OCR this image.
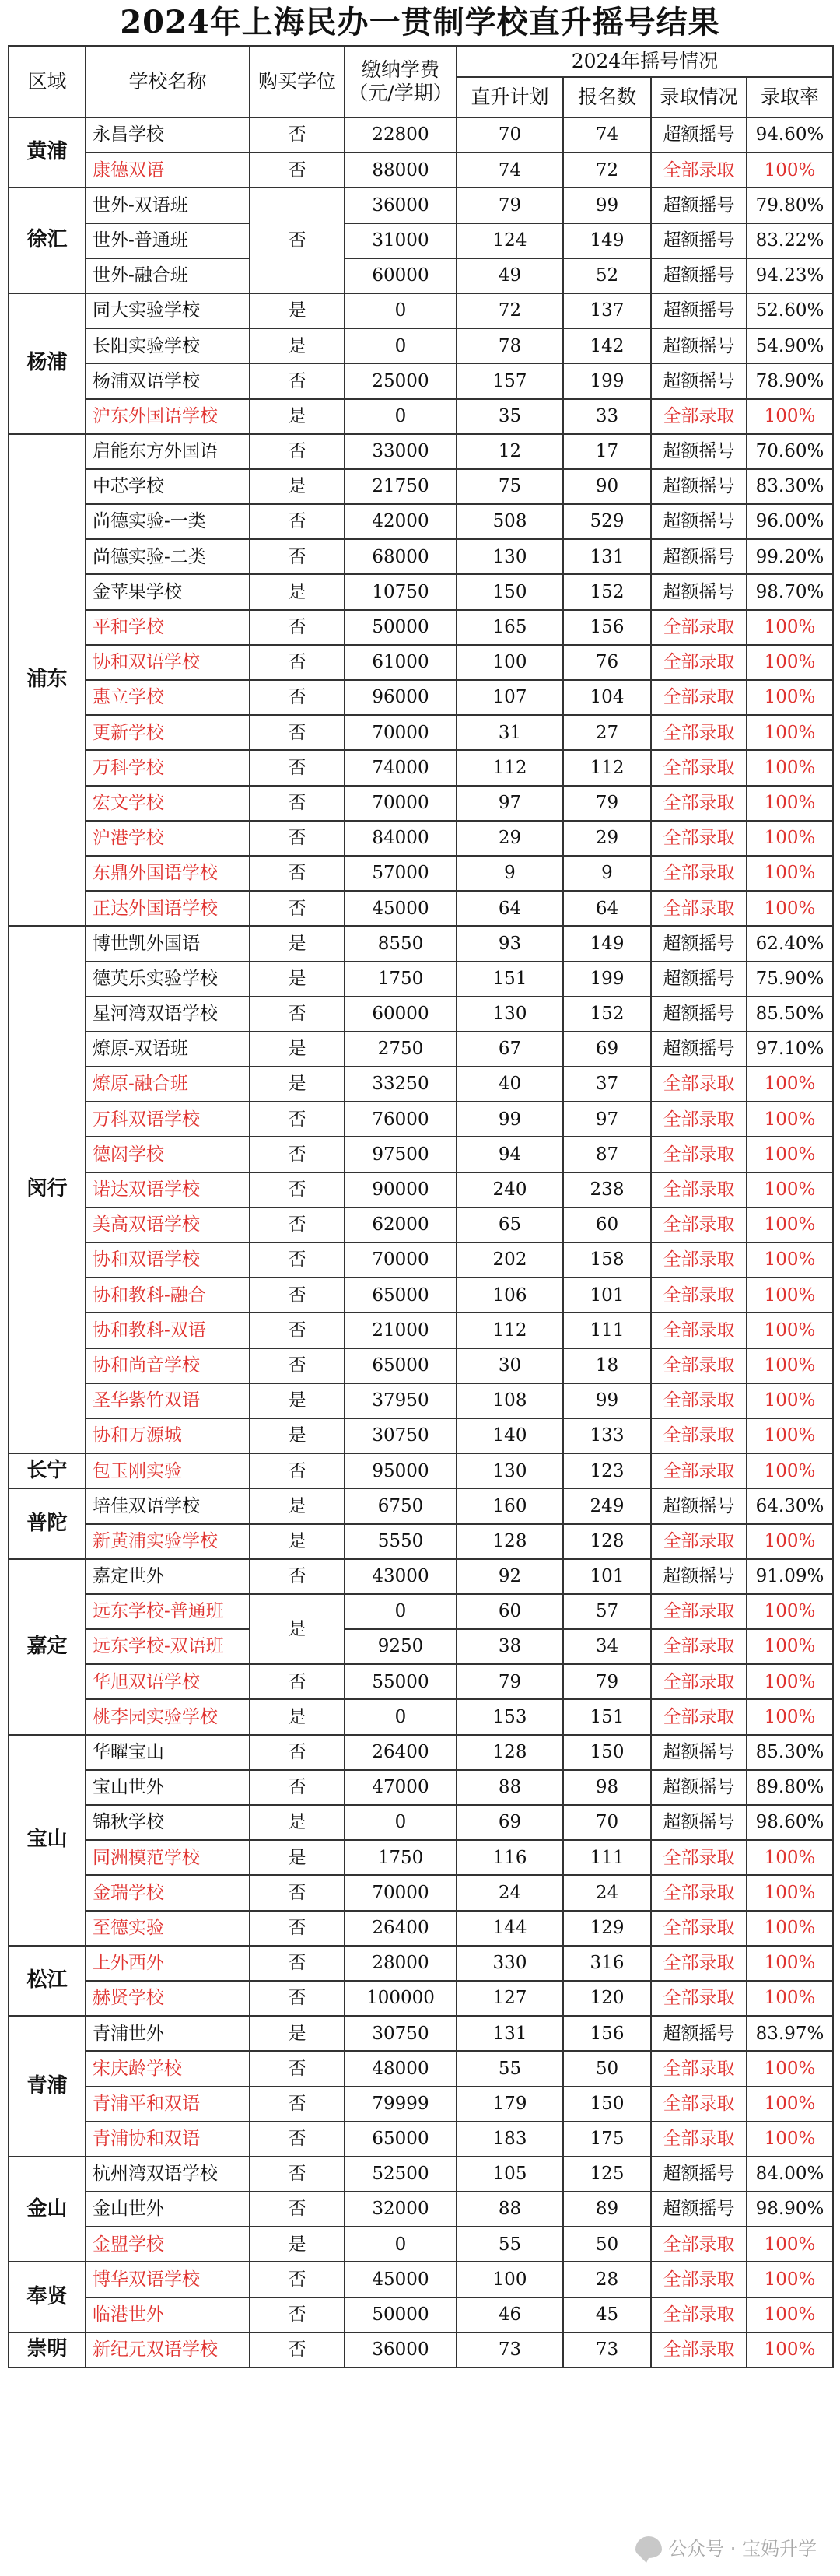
2024年上海民办一贯制学校直升摇号结果
区域	学校名称	购买学位	缴纳学费（元/学期）	2024年摇号情况			
				直升计划	报名数	录取情况	录取率
黄浦	永昌学校	否	22800	70	74	超额摇号	94.60%
	康德双语	否	88000	74	72	全部录取	100%
徐汇	世外-双语班	否	36000	79	99	超额摇号	79.80%
	世外-普通班		31000	124	149	超额摇号	83.22%
	世外-融合班		60000	49	52	超额摇号	94.23%
杨浦	同大实验学校	是	0	72	137	超额摇号	52.60%
	长阳实验学校	是	0	78	142	超额摇号	54.90%
	杨浦双语学校	否	25000	157	199	超额摇号	78.90%
	沪东外国语学校	是	0	35	33	全部录取	100%
浦东	启能东方外国语	否	33000	12	17	超额摇号	70.60%
	中芯学校	是	21750	75	90	超额摇号	83.30%
	尚德实验-一类	否	42000	508	529	超额摇号	96.00%
	尚德实验-二类	否	68000	130	131	超额摇号	99.20%
	金苹果学校	是	10750	150	152	超额摇号	98.70%
	平和学校	否	50000	165	156	全部录取	100%
	协和双语学校	否	61000	100	76	全部录取	100%
	惠立学校	否	96000	107	104	全部录取	100%
	更新学校	否	70000	31	27	全部录取	100%
	万科学校	否	74000	112	112	全部录取	100%
	宏文学校	否	70000	97	79	全部录取	100%
	沪港学校	否	84000	29	29	全部录取	100%
	东鼎外国语学校	否	57000	9	9	全部录取	100%
	正达外国语学校	否	45000	64	64	全部录取	100%
闵行	博世凯外国语	是	8550	93	149	超额摇号	62.40%
	德英乐实验学校	是	1750	151	199	超额摇号	75.90%
	星河湾双语学校	否	60000	130	152	超额摇号	85.50%
	燎原-双语班	是	2750	67	69	超额摇号	97.10%
	燎原-融合班	是	33250	40	37	全部录取	100%
	万科双语学校	否	76000	99	97	全部录取	100%
	德闳学校	否	97500	94	87	全部录取	100%
	诺达双语学校	否	90000	240	238	全部录取	100%
	美高双语学校	否	62000	65	60	全部录取	100%
	协和双语学校	否	70000	202	158	全部录取	100%
	协和教科-融合	否	65000	106	101	全部录取	100%
	协和教科-双语	否	21000	112	111	全部录取	100%
	协和尚音学校	否	65000	30	18	全部录取	100%
	圣华紫竹双语	是	37950	108	99	全部录取	100%
	协和万源城	是	30750	140	133	全部录取	100%
长宁	包玉刚实验	否	95000	130	123	全部录取	100%
普陀	培佳双语学校	是	6750	160	249	超额摇号	64.30%
	新黄浦实验学校	是	5550	128	128	全部录取	100%
嘉定	嘉定世外	否	43000	92	101	超额摇号	91.09%
	远东学校-普通班	是	0	60	57	全部录取	100%
	远东学校-双语班		9250	38	34	全部录取	100%
	华旭双语学校	否	55000	79	79	全部录取	100%
	桃李园实验学校	是	0	153	151	全部录取	100%
宝山	华曜宝山	否	26400	128	150	超额摇号	85.30%
	宝山世外	否	47000	88	98	超额摇号	89.80%
	锦秋学校	是	0	69	70	超额摇号	98.60%
	同洲模范学校	是	1750	116	111	全部录取	100%
	金瑞学校	否	70000	24	24	全部录取	100%
	至德实验	否	26400	144	129	全部录取	100%
松江	上外西外	否	28000	330	316	全部录取	100%
	赫贤学校	否	100000	127	120	全部录取	100%
青浦	青浦世外	是	30750	131	156	超额摇号	83.97%
	宋庆龄学校	否	48000	55	50	全部录取	100%
	青浦平和双语	否	79999	179	150	全部录取	100%
	青浦协和双语	否	65000	183	175	全部录取	100%
金山	杭州湾双语学校	否	52500	105	125	超额摇号	84.00%
	金山世外	否	32000	88	89	超额摇号	98.90%
	金盟学校	是	0	55	50	全部录取	100%
奉贤	博华双语学校	否	45000	100	28	全部录取	100%
	临港世外	否	50000	46	45	全部录取	100%
崇明	新纪元双语学校	否	36000	73	73	全部录取	100%
公众号 · 宝妈升学
